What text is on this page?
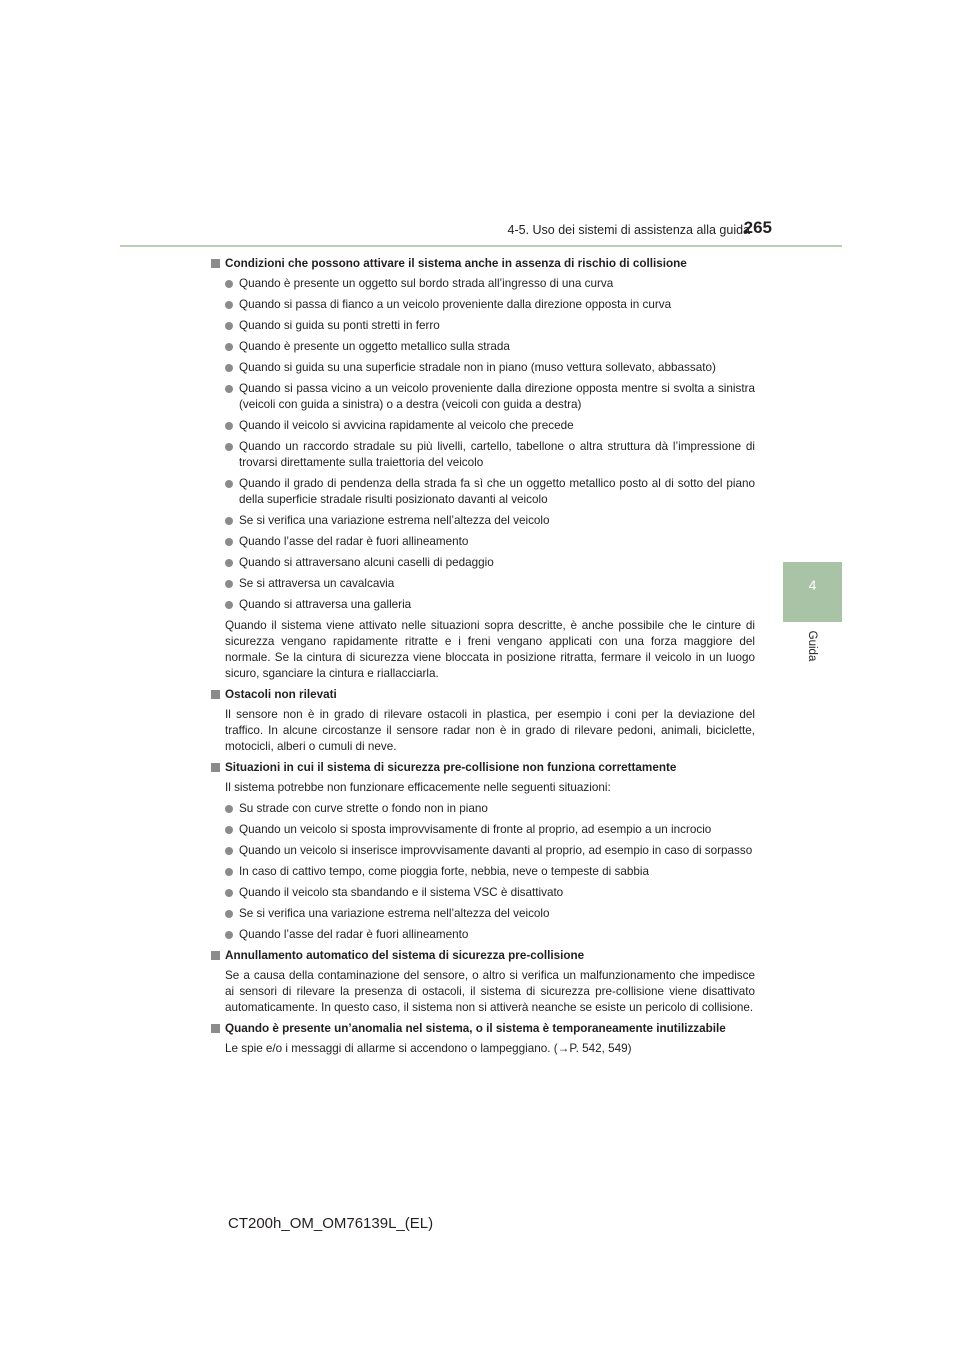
4-5. Uso dei sistemi di assistenza alla guida
265
4
Guida
Condizioni che possono attivare il sistema anche in assenza di rischio di collisione
Quando è presente un oggetto sul bordo strada all’ingresso di una curva
Quando si passa di fianco a un veicolo proveniente dalla direzione opposta in curva
Quando si guida su ponti stretti in ferro
Quando è presente un oggetto metallico sulla strada
Quando si guida su una superficie stradale non in piano (muso vettura sollevato, abbassato)
Quando si passa vicino a un veicolo proveniente dalla direzione opposta mentre si svolta a sinistra (veicoli con guida a sinistra) o a destra (veicoli con guida a destra)
Quando il veicolo si avvicina rapidamente al veicolo che precede
Quando un raccordo stradale su più livelli, cartello, tabellone o altra struttura dà l’impressione di trovarsi direttamente sulla traiettoria del veicolo
Quando il grado di pendenza della strada fa sì che un oggetto metallico posto al di sotto del piano della superficie stradale risulti posizionato davanti al veicolo
Se si verifica una variazione estrema nell’altezza del veicolo
Quando l’asse del radar è fuori allineamento
Quando si attraversano alcuni caselli di pedaggio
Se si attraversa un cavalcavia
Quando si attraversa una galleria
Quando il sistema viene attivato nelle situazioni sopra descritte, è anche possibile che le cinture di sicurezza vengano rapidamente ritratte e i freni vengano applicati con una forza maggiore del normale. Se la cintura di sicurezza viene bloccata in posizione ritratta, fermare il veicolo in un luogo sicuro, sganciare la cintura e riallacciarla.
Ostacoli non rilevati
Il sensore non è in grado di rilevare ostacoli in plastica, per esempio i coni per la deviazione del traffico. In alcune circostanze il sensore radar non è in grado di rilevare pedoni, animali, biciclette, motocicli, alberi o cumuli di neve.
Situazioni in cui il sistema di sicurezza pre-collisione non funziona correttamente
Il sistema potrebbe non funzionare efficacemente nelle seguenti situazioni:
Su strade con curve strette o fondo non in piano
Quando un veicolo si sposta improvvisamente di fronte al proprio, ad esempio a un incrocio
Quando un veicolo si inserisce improvvisamente davanti al proprio, ad esempio in caso di sorpasso
In caso di cattivo tempo, come pioggia forte, nebbia, neve o tempeste di sabbia
Quando il veicolo sta sbandando e il sistema VSC è disattivato
Se si verifica una variazione estrema nell’altezza del veicolo
Quando l’asse del radar è fuori allineamento
Annullamento automatico del sistema di sicurezza pre-collisione
Se a causa della contaminazione del sensore, o altro si verifica un malfunzionamento che impedisce ai sensori di rilevare la presenza di ostacoli, il sistema di sicurezza pre-collisione viene disattivato automaticamente. In questo caso, il sistema non si attiverà neanche se esiste un pericolo di collisione.
Quando è presente un’anomalia nel sistema, o il sistema è temporaneamente inutilizzabile
Le spie e/o i messaggi di allarme si accendono o lampeggiano. (→P. 542, 549)
CT200h_OM_OM76139L_(EL)
